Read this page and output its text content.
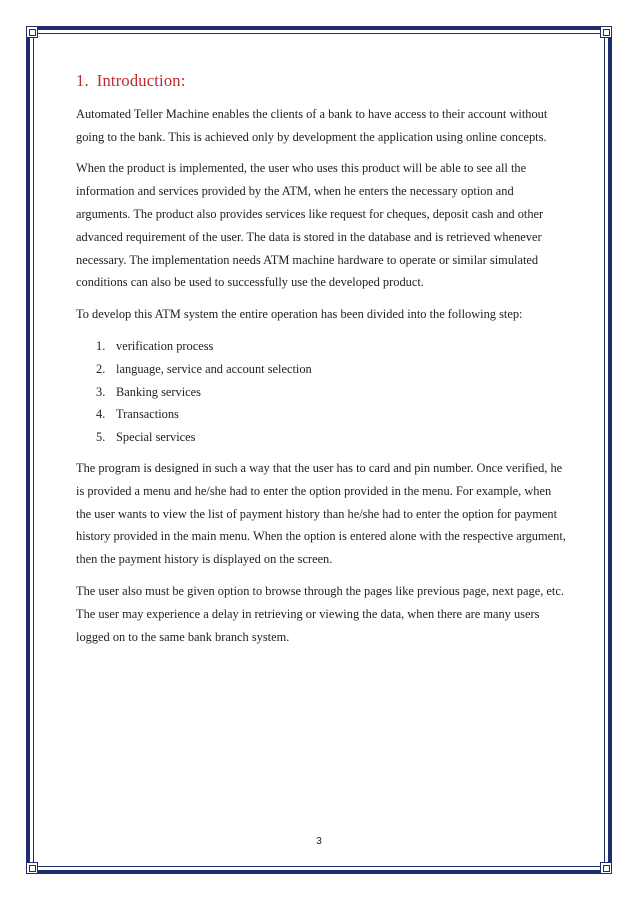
1. Introduction:

Automated Teller Machine enables the clients of a bank to have access to their account without going to the bank. This is achieved only by development the application using online concepts.

When the product is implemented, the user who uses this product will be able to see all the information and services provided by the ATM, when he enters the necessary option and arguments. The product also provides services like request for cheques, deposit cash and other advanced requirement of the user. The data is stored in the database and is retrieved whenever necessary. The implementation needs ATM machine hardware to operate or similar simulated conditions can also be used to successfully use the developed product.

To develop this ATM system the entire operation has been divided into the following step:

1. verification process
2. language, service and account selection
3. Banking services
4. Transactions
5. Special services

The program is designed in such a way that the user has to card and pin number. Once verified, he is provided a menu and he/she had to enter the option provided in the menu. For example, when the user wants to view the list of payment history than he/she had to enter the option for payment history provided in the main menu. When the option is entered alone with the respective argument, then the payment history is displayed on the screen.

The user also must be given option to browse through the pages like previous page, next page, etc. The user may experience a delay in retrieving or viewing the data, when there are many users logged on to the same bank branch system.

3
